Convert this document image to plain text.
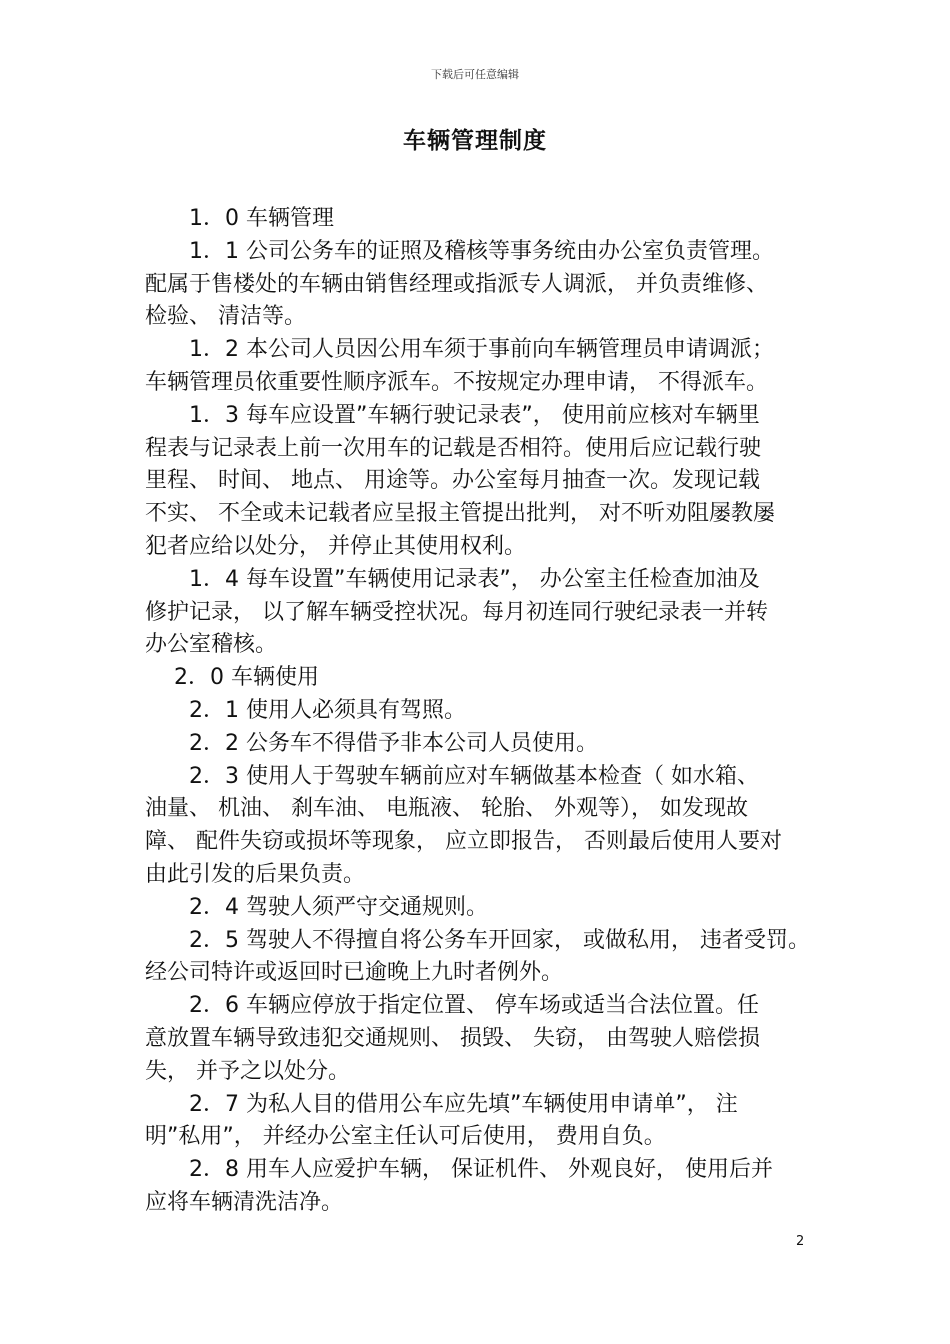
下载后可任意编辑
车辆管理制度
　　1．0 车辆管理
　　1．1 公司公务车的证照及稽核等事务统由办公室负责管理。
配属于售楼处的车辆由销售经理或指派专人调派， 并负责维修、
检验、 清洁等。
　　1．2 本公司人员因公用车须于事前向车辆管理员申请调派；
车辆管理员依重要性顺序派车。不按规定办理申请， 不得派车。
　　1．3 每车应设置”车辆行驶记录表”， 使用前应核对车辆里
程表与记录表上前一次用车的记载是否相符。使用后应记载行驶
里程、 时间、 地点、 用途等。办公室每月抽查一次。发现记载
不实、 不全或未记载者应呈报主管提出批判， 对不听劝阻屡教屡
犯者应给以处分， 并停止其使用权利。
　　1．4 每车设置”车辆使用记录表”， 办公室主任检查加油及
修护记录， 以了解车辆受控状况。每月初连同行驶纪录表一并转
办公室稽核。
　 2．0 车辆使用
　　2．1 使用人必须具有驾照。
　　2．2 公务车不得借予非本公司人员使用。
　　2．3 使用人于驾驶车辆前应对车辆做基本检查（ 如水箱、
油量、 机油、 刹车油、 电瓶液、 轮胎、 外观等）， 如发现故
障、 配件失窃或损坏等现象， 应立即报告， 否则最后使用人要对
由此引发的后果负责。
　　2．4 驾驶人须严守交通规则。
　　2．5 驾驶人不得擅自将公务车开回家， 或做私用， 违者受罚。
经公司特许或返回时已逾晚上九时者例外。
　　2．6 车辆应停放于指定位置、 停车场或适当合法位置。任
意放置车辆导致违犯交通规则、 损毁、 失窃， 由驾驶人赔偿损
失， 并予之以处分。
　　2．7 为私人目的借用公车应先填”车辆使用申请单”， 注
明”私用”， 并经办公室主任认可后使用， 费用自负。
　　2．8 用车人应爱护车辆， 保证机件、 外观良好， 使用后并
应将车辆清洗洁净。
2
